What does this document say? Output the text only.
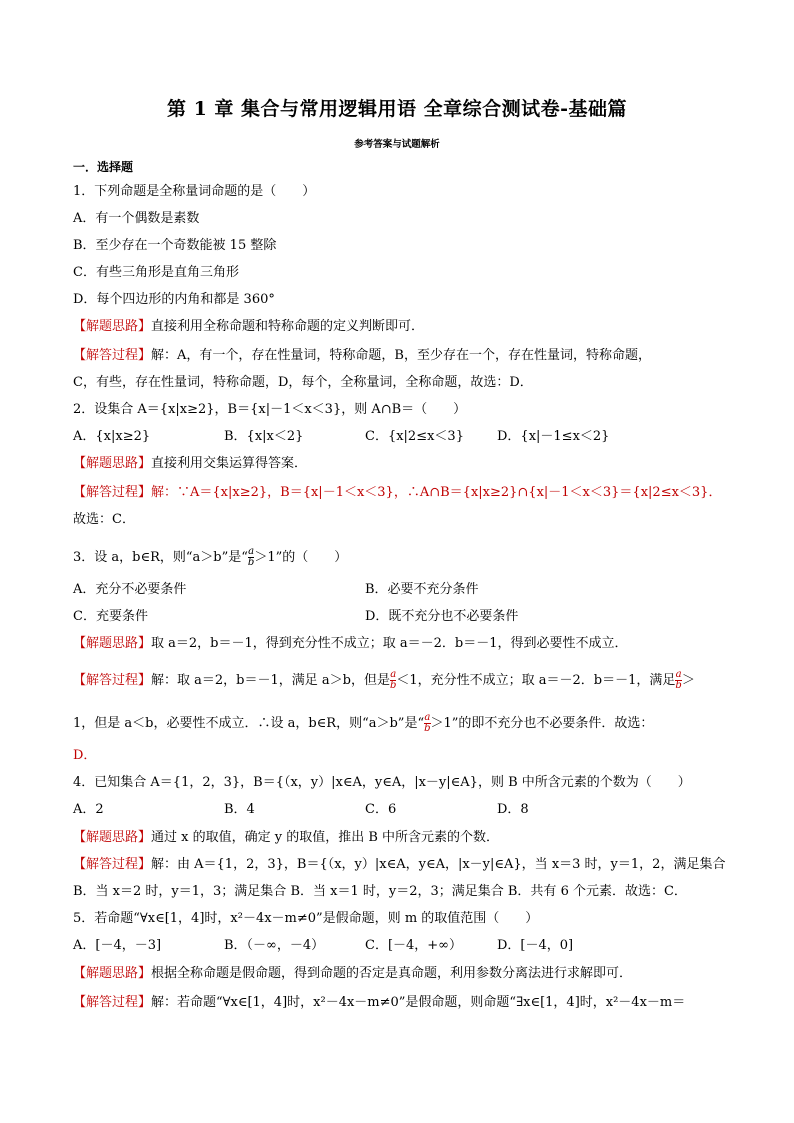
第 1 章 集合与常用逻辑用语 全章综合测试卷-基础篇
参考答案与试题解析
一．选择题
1．下列命题是全称量词命题的是（　　）
A．有一个偶数是素数
B．至少存在一个奇数能被 15 整除
C．有些三角形是直角三角形
D．每个四边形的内角和都是 360°
【解题思路】直接利用全称命题和特称命题的定义判断即可．
【解答过程】解：A，有一个，存在性量词，特称命题，B，至少存在一个，存在性量词，特称命题，
C，有些，存在性量词，特称命题，D，每个，全称量词，全称命题，故选：D．
2．设集合 A＝{x|x≥2}，B＝{x|－1＜x＜3}，则 A∩B＝（　　）
A．{x|x≥2}	B．{x|x＜2}	C．{x|2≤x＜3}	D．{x|－1≤x＜2}
【解题思路】直接利用交集运算得答案．
【解答过程】解：∵A＝{x|x≥2}，B＝{x|－1＜x＜3}，∴A∩B＝{x|x≥2}∩{x|－1＜x＜3}＝{x|2≤x＜3}．
故选：C．
3．设 a，b∈R，则“a＞b”是“ $\frac{a}{b} >1$”的（　　）
A．充分不必要条件	B．必要不充分条件
C．充要条件	D．既不充分也不必要条件
【解题思路】取 a＝2，b＝－1，得到充分性不成立；取 a＝－2．b＝－1，得到必要性不成立．
【解答过程】解：取 a＝2，b＝－1，满足 a＞b，但是 $\frac{a}{b} <1$，充分性不成立；取 a＝－2．b＝－1，满足 $\frac{a}{b}$ ＞
1，但是 a＜b，必要性不成立．∴设 a，b∈R，则“a＞b”是“ $\frac{a}{b} >1$”的即不充分也不必要条件．故选：
D．
4．已知集合 A＝{1，2，3}，B＝{（x，y）|x∈A，y∈A，|x－y|∈A}，则 B 中所含元素的个数为（　　）
A．2	B．4	C．6	D．8
【解题思路】通过 x 的取值，确定 y 的取值，推出 B 中所含元素的个数．
【解答过程】解：由 A＝{1，2，3}，B＝{（x，y）|x∈A，y∈A，|x－y|∈A}，当 x＝3 时，y＝1，2，满足集合
B．当 x＝2 时，y＝1，3；满足集合 B．当 x＝1 时，y＝2，3；满足集合 B．共有 6 个元素．故选：C．
5．若命题“∀x∈[1，4]时，x²－4x－m≠0”是假命题，则 m 的取值范围（　　）
A．[－4，－3]	B．（－∞，－4）	C．[－4，+∞）	D．[－4，0]
【解题思路】根据全称命题是假命题，得到命题的否定是真命题，利用参数分离法进行求解即可．
【解答过程】解：若命题“∀x∈[1，4]时，x²－4x－m≠0”是假命题，则命题“∃x∈[1，4]时，x²－4x－m＝
